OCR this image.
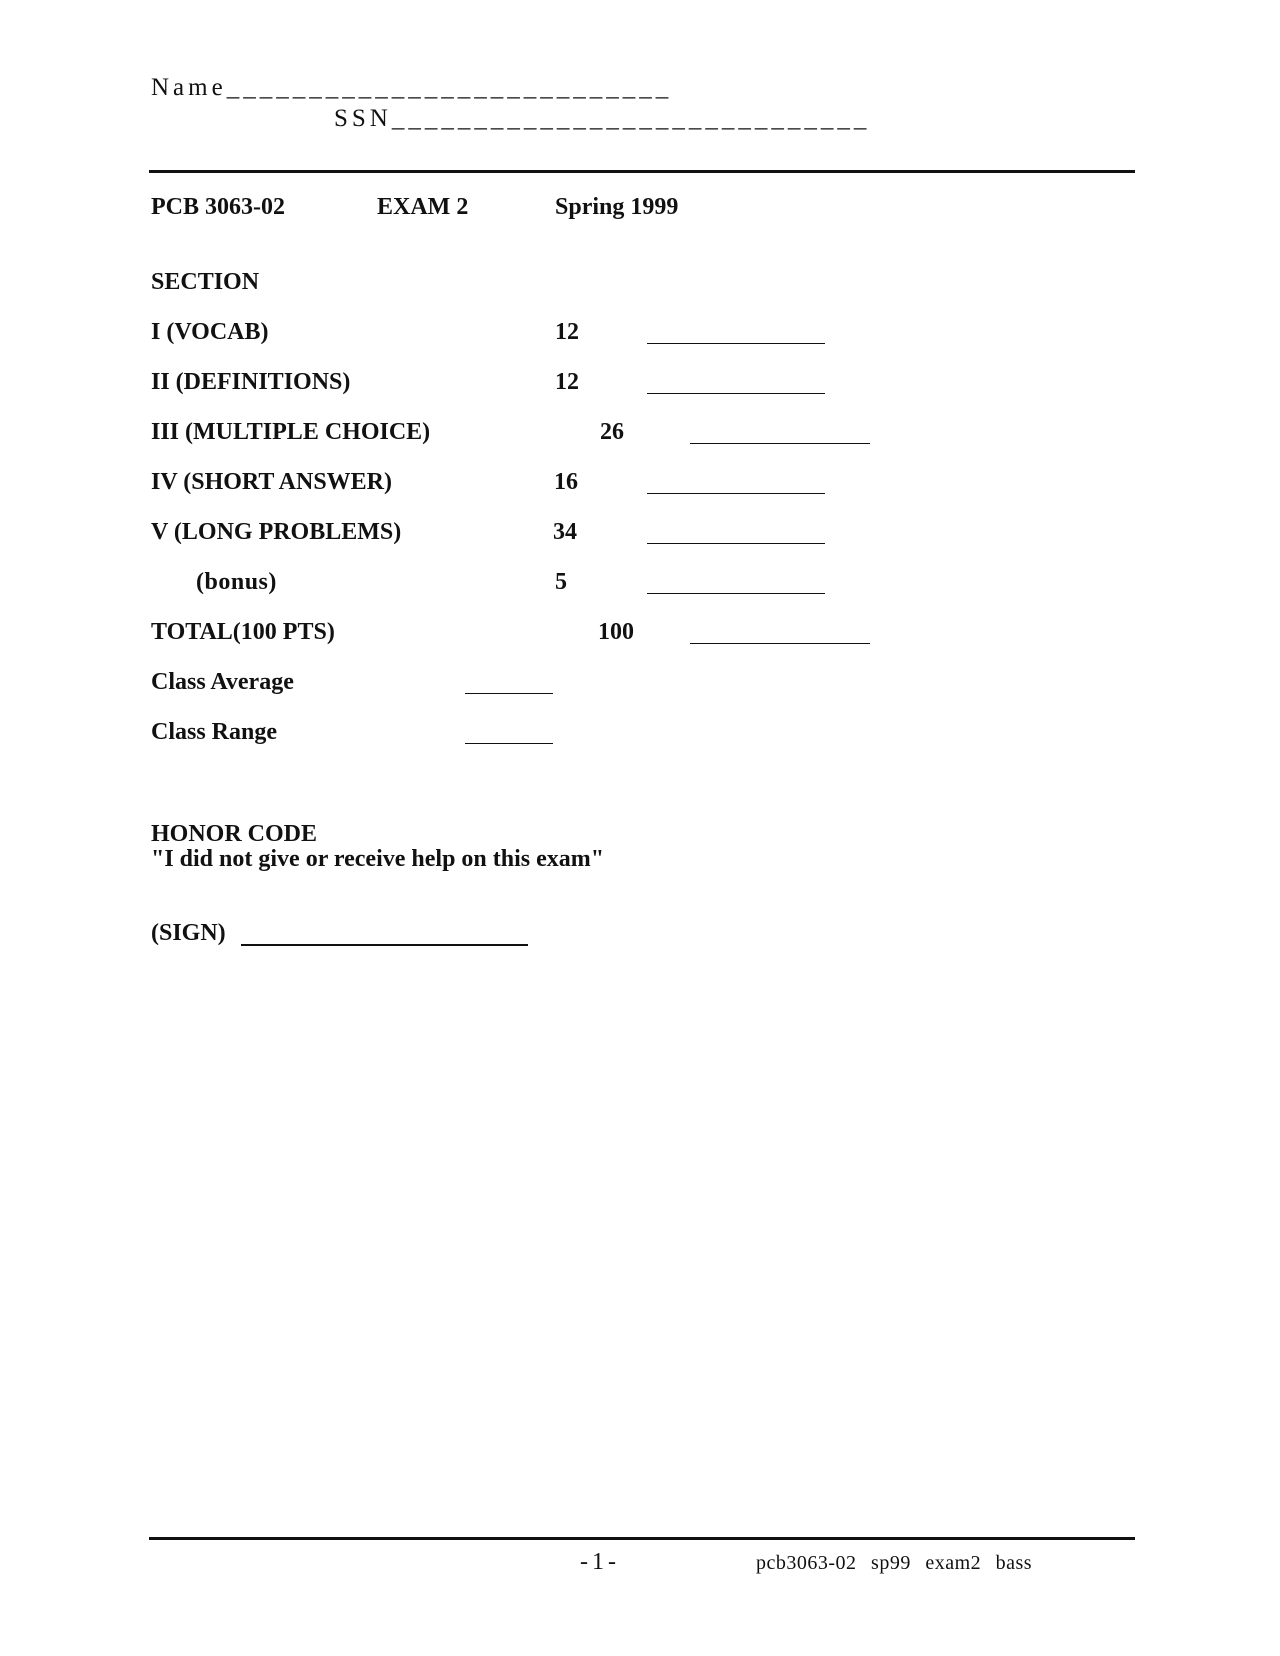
Name___________________________
SSN_____________________________
PCB 3063-02	EXAM 2	Spring 1999
SECTION
I (VOCAB)	12
II (DEFINITIONS)	12
III (MULTIPLE CHOICE)	26
IV (SHORT ANSWER)	16
V (LONG PROBLEMS)	34
(bonus)	5
TOTAL(100 PTS)	100
Class Average
Class Range
HONOR CODE
"I did not give or receive help on this exam"
(SIGN)
-1-	pcb3063-02 sp99 exam2 bass
